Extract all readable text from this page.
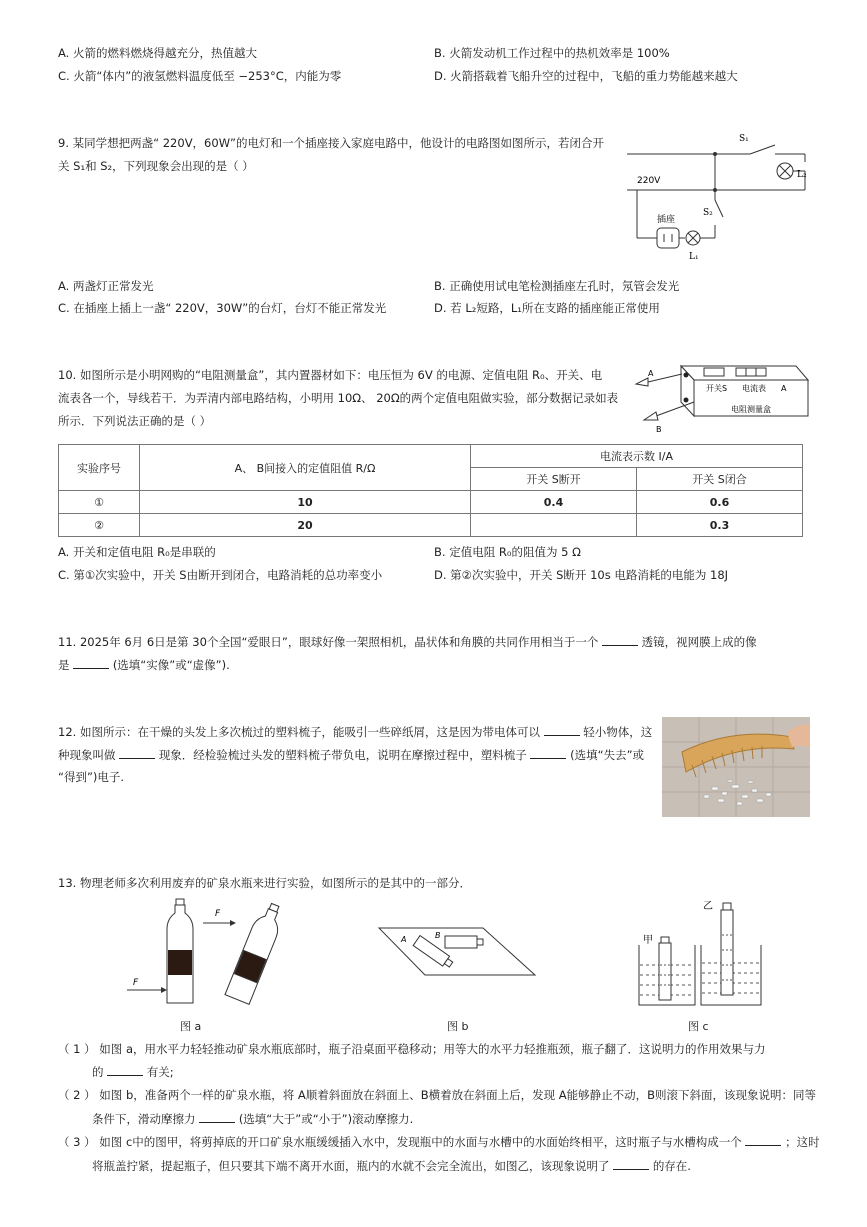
A. 火箭的燃料燃烧得越充分，热值越大	B. 火箭发动机工作过程中的热机效率是 100%
C. 火箭“体内”的液氢燃料温度低至 −253°C，内能为零	D. 火箭搭载着飞船升空的过程中，飞船的重力势能越来越大
9. 某同学想把两盏“ 220V，60W”的电灯和一个插座接入家庭电路中，他设计的电路图如图所示，若闭合开
关 S₁和 S₂，下列现象会出现的是（ ）
S₁
L₂
220V
S₂
插座
L₁
A. 两盏灯正常发光	B. 正确使用试电笔检测插座左孔时，氖管会发光
C. 在插座上插上一盏“ 220V，30W”的台灯，台灯不能正常发光	D. 若 L₂短路，L₁所在支路的插座能正常使用
10. 如图所示是小明网购的“电阻测量盒”，其内置器材如下：电压恒为 6V 的电源、定值电阻 R₀、开关、电
流表各一个，导线若干．为弄清内部电路结构，小明用 10Ω、 20Ω的两个定值电阻做实验，部分数据记录如表
所示．下列说法正确的是（ ）
A
B
开关S 电流表 A
电阻测量盒
实验序号	A、 B间接入的定值阻值 R/Ω	电流表示数 I/A	
		开关 S断开	开关 S闭合
①	10	0.4	0.6
②	20		0.3
A. 开关和定值电阻 R₀是串联的	B. 定值电阻 R₀的阻值为 5 Ω
C. 第①次实验中，开关 S由断开到闭合，电路消耗的总功率变小	D. 第②次实验中，开关 S断开 10s 电路消耗的电能为 18J
11. 2025年 6月 6日是第 30个全国“爱眼日”，眼球好像一架照相机，晶状体和角膜的共同作用相当于一个	透镜，视网膜上成的像
是	(选填“实像”或“虚像”).
12. 如图所示：在干燥的头发上多次梳过的塑料梳子，能吸引一些碎纸屑，这是因为带电体可以	轻小物体，这
种现象叫做	现象．经检验梳过头发的塑料梳子带负电，说明在摩擦过程中，塑料梳子	(选填“失去”或
“得到”)电子.
13. 物理老师多次利用废弃的矿泉水瓶来进行实验，如图所示的是其中的一部分．
F
F
图 a
A	B
图 b
甲
乙
图 c
（ 1 ） 如图 a，用水平力轻轻推动矿泉水瓶底部时，瓶子沿桌面平稳移动；用等大的水平力轻推瓶颈，瓶子翻了．这说明力的作用效果与力
的	有关;
（ 2 ） 如图 b，准备两个一样的矿泉水瓶，将 A顺着斜面放在斜面上、B横着放在斜面上后，发现 A能够静止不动，B则滚下斜面，该现象说明：同等
条件下，滑动摩擦力	(选填“大于”或“小于”)滚动摩擦力.
（ 3 ） 如图 c中的图甲，将剪掉底的开口矿泉水瓶缓缓插入水中，发现瓶中的水面与水槽中的水面始终相平，这时瓶子与水槽构成一个	；这时
将瓶盖拧紧，提起瓶子，但只要其下端不离开水面，瓶内的水就不会完全流出，如图乙，该现象说明了	的存在.
